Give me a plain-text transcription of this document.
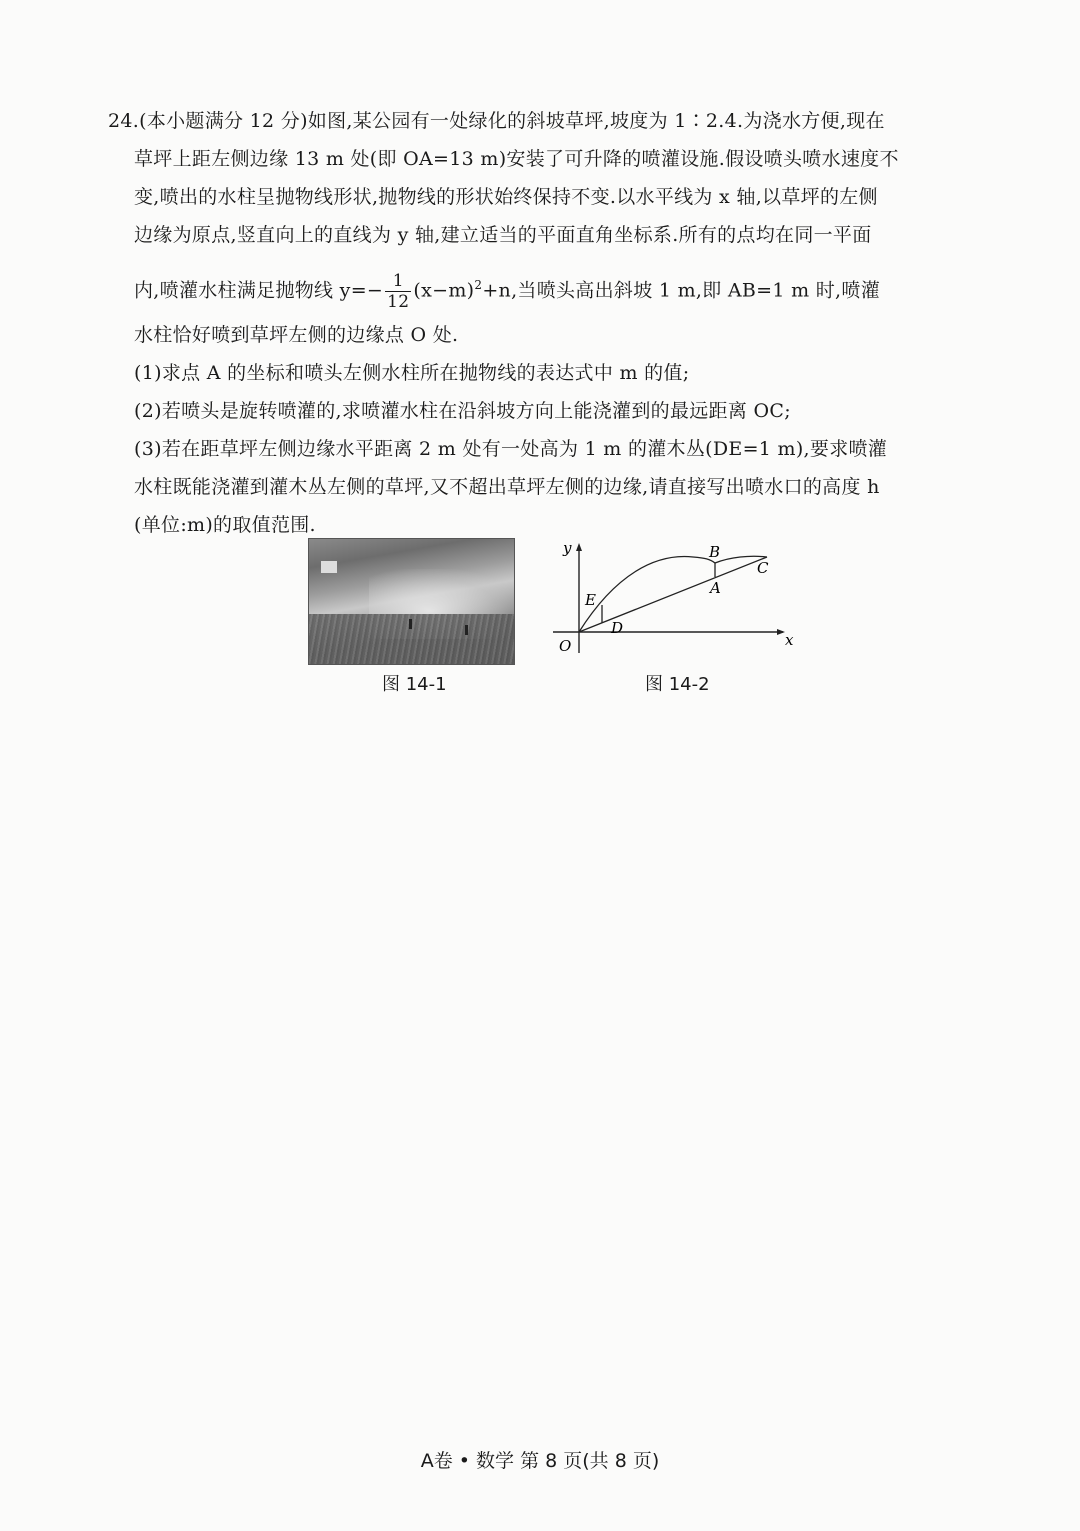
24.(本小题满分 12 分)如图,某公园有一处绿化的斜坡草坪,坡度为 1∶2.4.为浇水方便,现在
草坪上距左侧边缘 13 m 处(即 OA=13 m)安装了可升降的喷灌设施.假设喷头喷水速度不
变,喷出的水柱呈抛物线形状,抛物线的形状始终保持不变.以水平线为 x 轴,以草坪的左侧
边缘为原点,竖直向上的直线为 y 轴,建立适当的平面直角坐标系.所有的点均在同一平面
内,喷灌水柱满足抛物线 $y=- \frac{1}{12} (x-m)^2+n$,当喷头高出斜坡 1 m,即 AB=1 m 时,喷灌
水柱恰好喷到草坪左侧的边缘点 O 处.
(1)求点 A 的坐标和喷头左侧水柱所在抛物线的表达式中 m 的值;
(2)若喷头是旋转喷灌的,求喷灌水柱在沿斜坡方向上能浇灌到的最远距离 OC;
(3)若在距草坪左侧边缘水平距离 2 m 处有一处高为 1 m 的灌木丛(DE=1 m),要求喷灌
水柱既能浇灌到灌木丛左侧的草坪,又不超出草坪左侧的边缘,请直接写出喷水口的高度 h
(单位:m)的取值范围.
y
x
O
B
A
C
E
D
图 14-1	图 14-2
A卷 • 数学 第 8 页(共 8 页)
